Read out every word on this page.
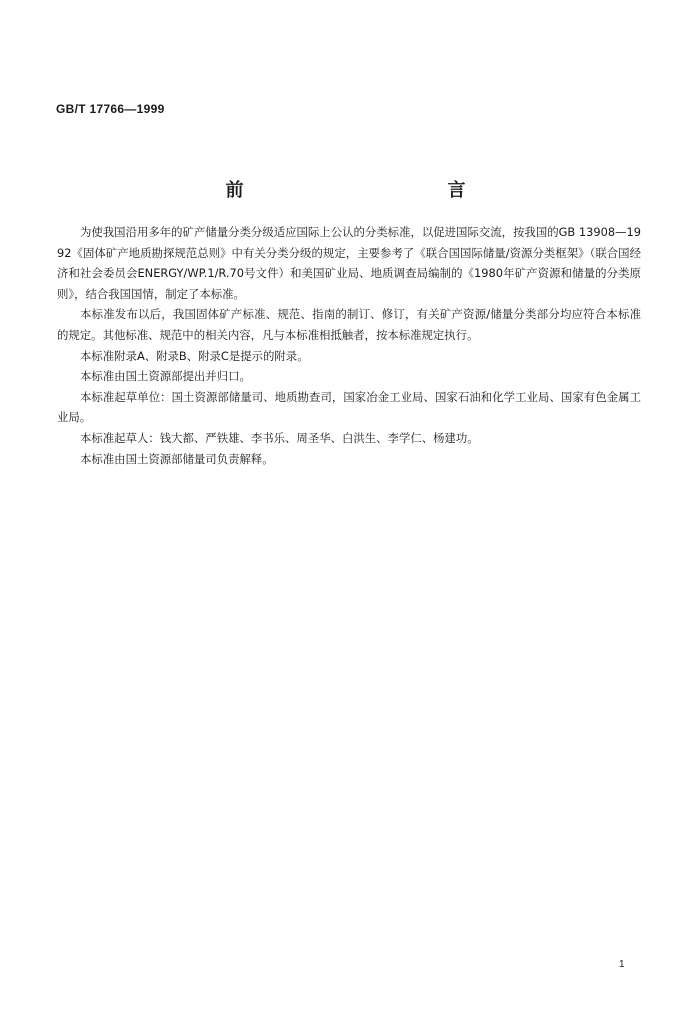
GB/T 17766—1999
前　　言

为使我国沿用多年的矿产储量分类分级适应国际上公认的分类标准，以促进国际交流，按我国的GB 13908—1992《固体矿产地质勘探规范总则》中有关分类分级的规定，主要参考了《联合国国际储量/资源分类框架》（联合国经济和社会委员会ENERGY/WP.1/R.70号文件）和美国矿业局、地质调查局编制的《1980年矿产资源和储量的分类原则》，结合我国国情，制定了本标准。

本标准发布以后，我国固体矿产标准、规范、指南的制订、修订，有关矿产资源/储量分类部分均应符合本标准的规定。其他标准、规范中的相关内容，凡与本标准相抵触者，按本标准规定执行。

本标准附录A、附录B、附录C是提示的附录。

本标准由国土资源部提出并归口。

本标准起草单位：国土资源部储量司、地质勘查司，国家冶金工业局、国家石油和化学工业局、国家有色金属工业局。

本标准起草人：钱大都、严铁雄、李书乐、周圣华、白洪生、李学仁、杨建功。

本标准由国土资源部储量司负责解释。

1
